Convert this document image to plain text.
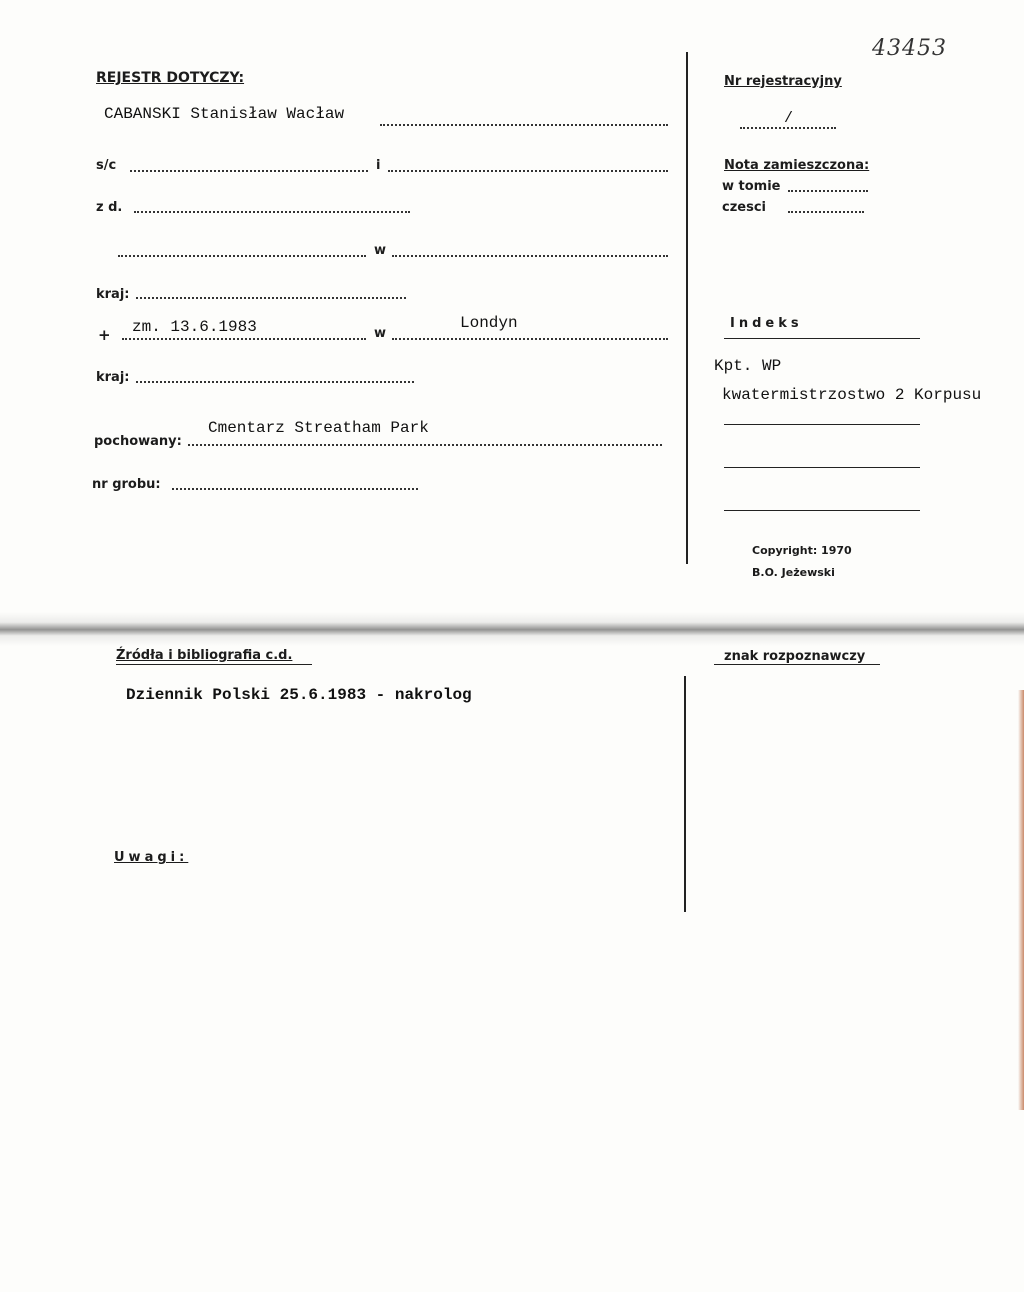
43453
REJESTR DOTYCZY:
CABANSKI Stanisław Wacław
s/c	i
z d.
w
kraj:
+ zm. 13.6.1983	w
Londyn
kraj:
Cmentarz Streatham Park
pochowany:
nr grobu:
Nr rejestracyjny
/
Nota zamieszczona:
w tomie
czesci
Indeks
Kpt. WP
kwatermistrzostwo 2 Korpusu
Copyright: 1970
B.O. Jeżewski
Źródła i bibliografia c.d.
Dziennik Polski 25.6.1983 - nakrolog
Uwagi:
znak rozpoznawczy
